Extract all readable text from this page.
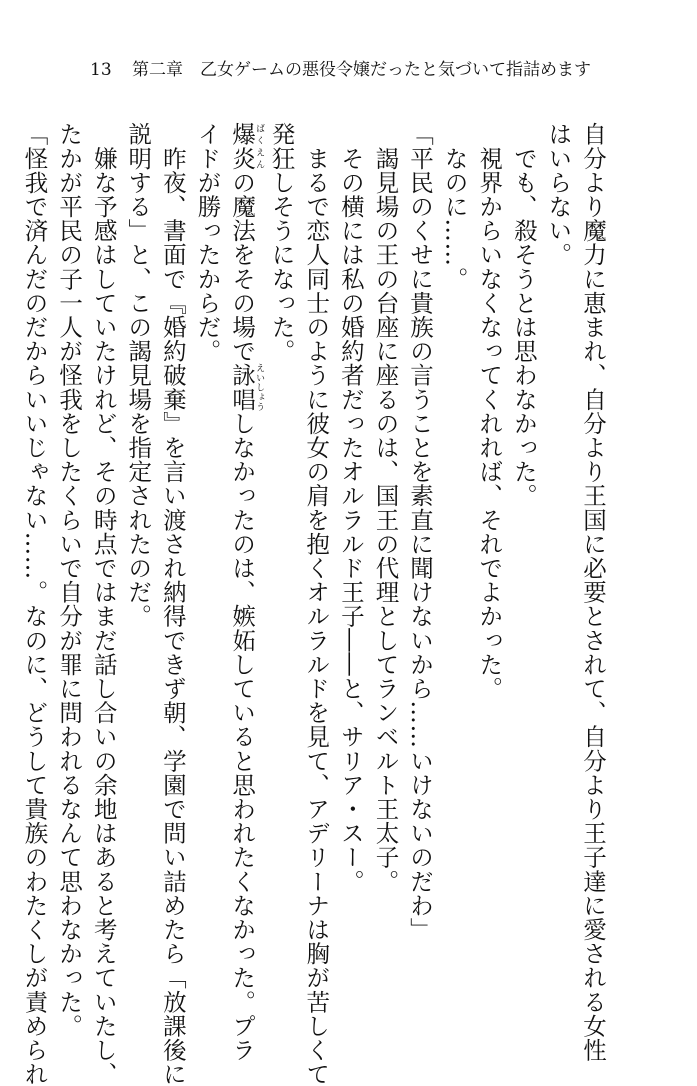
13 第二章　乙女ゲームの悪役令嬢だったと気づいて指詰めます
自分より魔力に恵まれ、自分より王国に必要とされて、自分より王子達に愛される女性
はいらない。
　でも、殺そうとは思わなかった。
　視界からいなくなってくれれば、それでよかった。
　なのに……。
「平民のくせに貴族の言うことを素直に聞けないから……いけないのだわ」
　謁見場の王の台座に座るのは、国王の代理としてランベルト王太子。
　その横には私の婚約者だったオルラルド王子――と、サリア・スー。
　まるで恋人同士のように彼女の肩を抱くオルラルドを見て、アデリーナは胸が苦しくて
発狂しそうになった。
爆炎ばくえんの魔法をその場で詠唱えいしょうしなかったのは、嫉妬していると思われたくなかった。プラ
イドが勝ったからだ。
　昨夜、書面で『婚約破棄』を言い渡され納得できず朝、学園で問い詰めたら「放課後に
説明する」と、この謁見場を指定されたのだ。
　嫌な予感はしていたけれど、その時点ではまだ話し合いの余地はあると考えていたし、
たかが平民の子一人が怪我をしたくらいで自分が罪に問われるなんて思わなかった。
「怪我で済んだのだからいいじゃない……。なのに、どうして貴族のわたくしが責められ
